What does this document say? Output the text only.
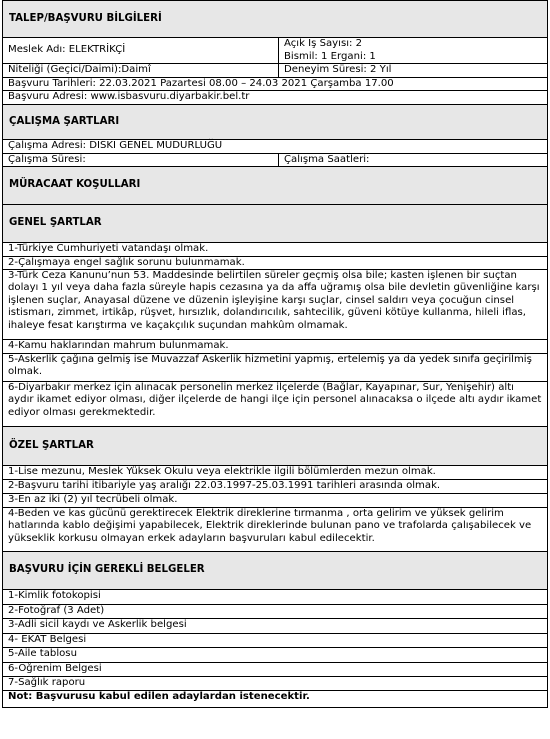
TALEP/BAŞVURU BİLGİLERİ
Meslek Adı: ELEKTRİKÇİ
Açık İş Sayısı: 2
Bismil: 1 Ergani: 1
Niteliği (Geçici/Daimi):Daimî	Deneyim Süresi: 2 Yıl
Başvuru Tarihleri: 22.03.2021 Pazartesi 08.00 – 24.03 2021 Çarşamba 17.00
Başvuru Adresi: www.isbasvuru.diyarbakir.bel.tr
ÇALIŞMA ŞARTLARI
Çalışma Adresi: DİSKİ GENEL MÜDÜRLÜĞÜ
Çalışma Süresi:	Çalışma Saatleri:
MÜRACAAT KOŞULLARI
GENEL ŞARTLAR
1-Türkiye Cumhuriyeti vatandaşı olmak.
2-Çalışmaya engel sağlık sorunu bulunmamak.
3-Türk Ceza Kanunu’nun 53. Maddesinde belirtilen süreler geçmiş olsa bile; kasten işlenen bir suçtan dolayı 1 yıl veya daha fazla süreyle hapis cezasına ya da affa uğramış olsa bile devletin güvenliğine karşı işlenen suçlar, Anayasal düzene ve düzenin işleyişine karşı suçlar, cinsel saldırı veya çocuğun cinsel istismarı, zimmet, irtikâp, rüşvet, hırsızlık, dolandırıcılık, sahtecilik, güveni kötüye kullanma, hileli iflas, ihaleye fesat karıştırma ve kaçakçılık suçundan mahkûm olmamak.
4-Kamu haklarından mahrum bulunmamak.
5-Askerlik çağına gelmiş ise Muvazzaf Askerlik hizmetini yapmış, ertelemiş ya da yedek sınıfa geçirilmiş olmak.
6-Diyarbakır merkez için alınacak personelin merkez ilçelerde (Bağlar, Kayapınar, Sur, Yenişehir) altı aydır ikamet ediyor olması, diğer ilçelerde de hangi ilçe için personel alınacaksa o ilçede altı aydır ikamet ediyor olması gerekmektedir.
ÖZEL ŞARTLAR
1-Lise mezunu, Meslek Yüksek Okulu veya elektrikle ilgili bölümlerden mezun olmak.
2-Başvuru tarihi itibariyle yaş aralığı 22.03.1997-25.03.1991 tarihleri arasında olmak.
3-En az iki (2) yıl tecrübeli olmak.
4-Beden ve kas gücünü gerektirecek Elektrik direklerine tırmanma , orta gelirim ve yüksek gelirim hatlarında kablo değişimi yapabilecek, Elektrik direklerinde bulunan pano ve trafolarda çalışabilecek ve yükseklik korkusu olmayan erkek adayların başvuruları kabul edilecektir.
BAŞVURU İÇİN GEREKLİ BELGELER
1-Kimlik fotokopisi
2-Fotoğraf (3 Adet)
3-Adli sicil kaydı ve Askerlik belgesi
4- EKAT Belgesi
5-Aile tablosu
6-Öğrenim Belgesi
7-Sağlık raporu
Not: Başvurusu kabul edilen adaylardan istenecektir.
